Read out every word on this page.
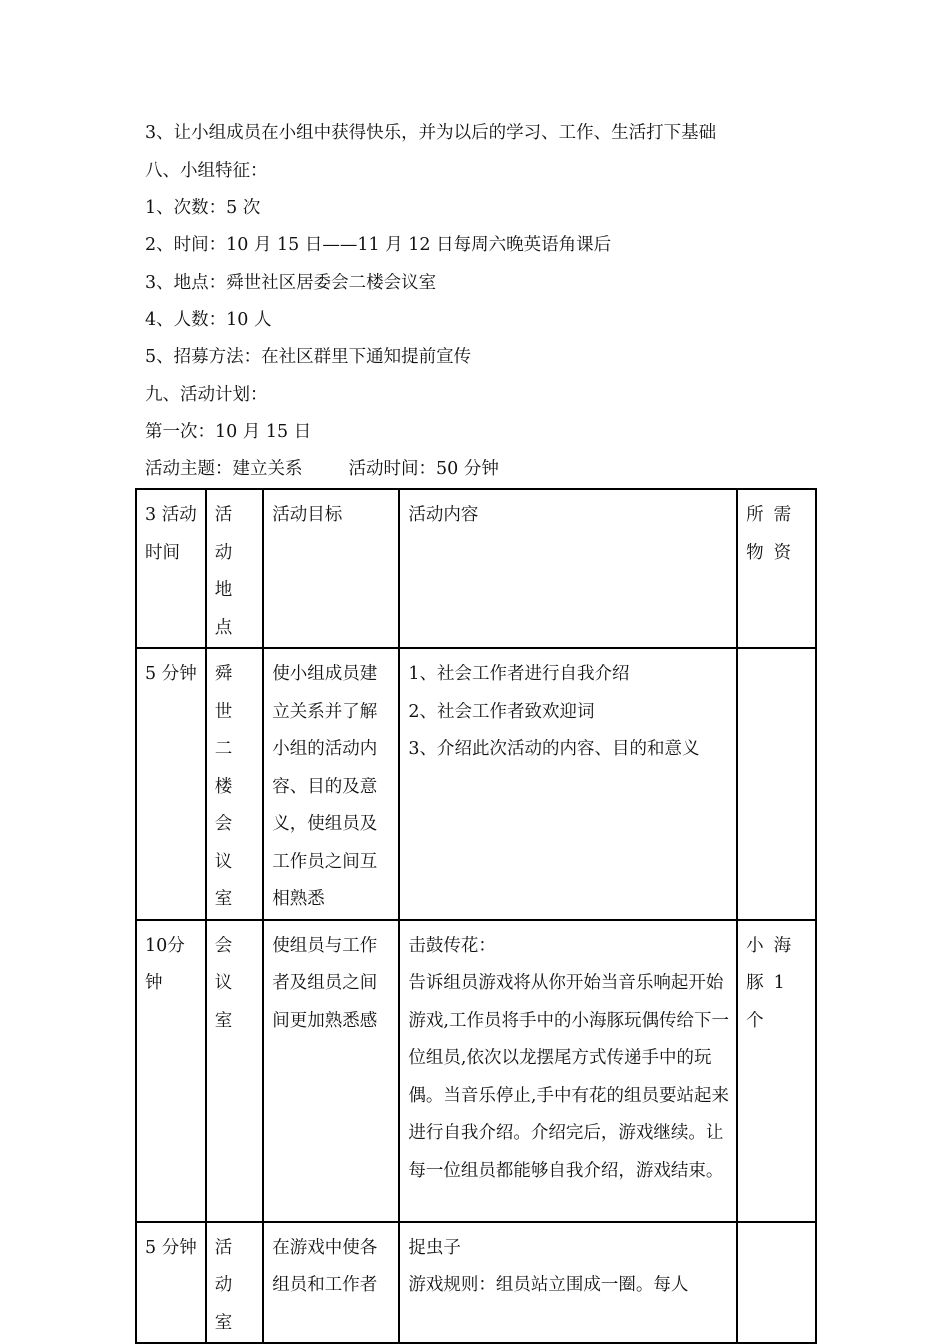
3、让小组成员在小组中获得快乐，并为以后的学习、工作、生活打下基础
八、小组特征：
1、次数：5 次
2、时间：10 月 15 日——11 月 12 日每周六晚英语角课后
3、地点：舜世社区居委会二楼会议室
4、人数：10 人
5、招募方法：在社区群里下通知提前宣传
九、活动计划：
第一次：10 月 15 日
活动主题：建立关系	活动时间：50 分钟
3 活动时间	活动地点	活动目标	活动内容	所需物资
5 分钟	舜世二楼会议室	使小组成员建立关系并了解小组的活动内容、目的及意义，使组员及工作员之间互相熟悉	1、社会工作者进行自我介绍
2、社会工作者致欢迎词
3、介绍此次活动的内容、目的和意义	

10分钟	会议室	使组员与工作者及组员之间间更加熟悉感	击鼓传花：
告诉组员游戏将从你开始当音乐响起开始游戏,工作员将手中的小海豚玩偶传给下一位组员,依次以龙摆尾方式传递手中的玩偶。当音乐停止,手中有花的组员要站起来进行自我介绍。介绍完后，游戏继续。让每一位组员都能够自我介绍，游戏结束。	小海豚1 个
5 分钟	活动室	在游戏中使各组员和工作者	捉虫子
游戏规则：组员站立围成一圈。每人	
